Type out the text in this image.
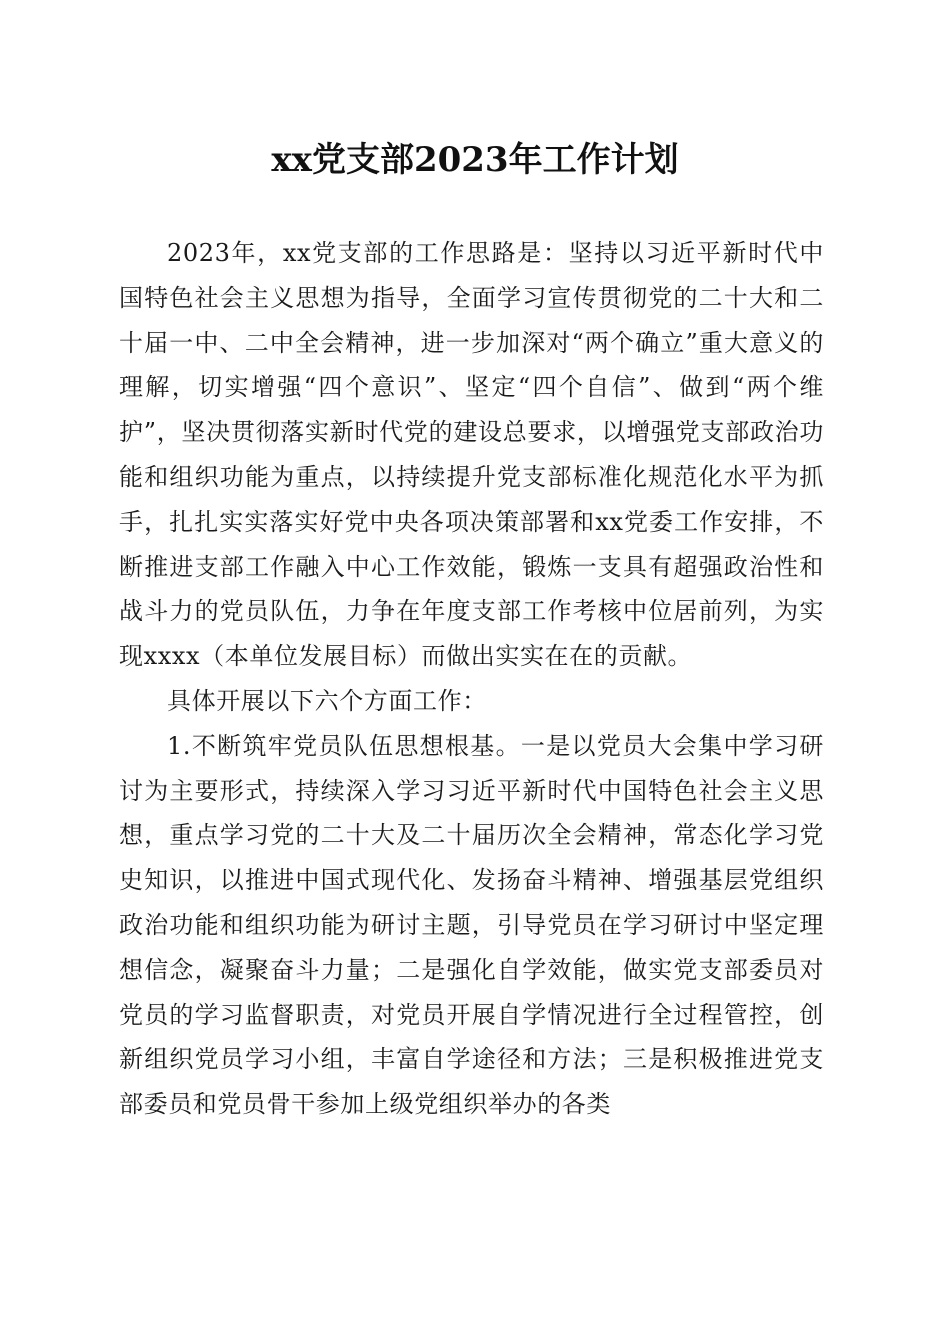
xx党支部2023年工作计划

2023年，xx党支部的工作思路是：坚持以习近平新时代中国特色社会主义思想为指导，全面学习宣传贯彻党的二十大和二十届一中、二中全会精神，进一步加深对“两个确立”重大意义的理解，切实增强“四个意识”、坚定“四个自信”、做到“两个维护”，坚决贯彻落实新时代党的建设总要求，以增强党支部政治功能和组织功能为重点，以持续提升党支部标准化规范化水平为抓手，扎扎实实落实好党中央各项决策部署和xx党委工作安排，不断推进支部工作融入中心工作效能，锻炼一支具有超强政治性和战斗力的党员队伍，力争在年度支部工作考核中位居前列，为实现xxxx（本单位发展目标）而做出实实在在的贡献。

具体开展以下六个方面工作：

1.不断筑牢党员队伍思想根基。一是以党员大会集中学习研讨为主要形式，持续深入学习习近平新时代中国特色社会主义思想，重点学习党的二十大及二十届历次全会精神，常态化学习党史知识，以推进中国式现代化、发扬奋斗精神、增强基层党组织政治功能和组织功能为研讨主题，引导党员在学习研讨中坚定理想信念，凝聚奋斗力量；二是强化自学效能，做实党支部委员对党员的学习监督职责，对党员开展自学情况进行全过程管控，创新组织党员学习小组，丰富自学途径和方法；三是积极推进党支部委员和党员骨干参加上级党组织举办的各类
